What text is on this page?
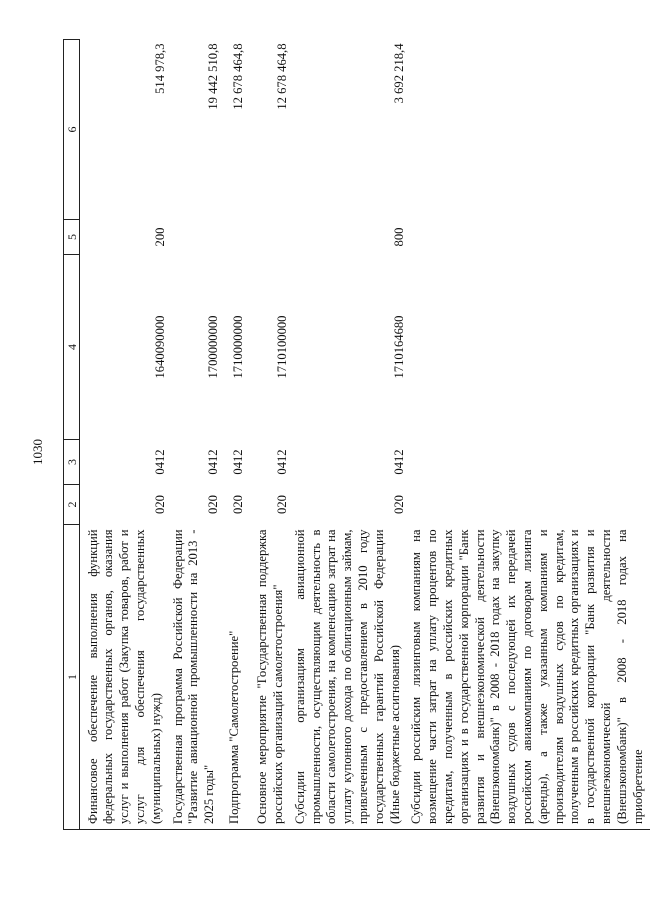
1030
1	2	3	4	5	6
Финансовое обеспечение выполнения функций федеральных государственных органов, оказания услуг и выполнения работ (Закупка товаров, работ и услуг для обеспечения государственных (муниципальных) нужд)	020	0412	1640090000	200	514 978,3
Государственная программа Российской Федерации "Развитие авиационной промышленности на 2013 - 2025 годы"	020	0412	1700000000		19 442 510,8
Подпрограмма "Самолетостроение"	020	0412	1710000000		12 678 464,8
Основное мероприятие "Государственная поддержка российских организаций самолетостроения"	020	0412	1710100000		12 678 464,8
Субсидии организациям авиационной промышленности, осуществляющим деятельность в области самолетостроения, на компенсацию затрат на уплату купонного дохода по облигационным займам, привлеченным с предоставлением в 2010 году государственных гарантий Российской Федерации (Иные бюджетные ассигнования)	020	0412	1710164680	800	3 692 218,4
Субсидии российским лизинговым компаниям на возмещение части затрат на уплату процентов по кредитам, полученным в российских кредитных организациях и в государственной корпорации "Банк развития и внешнеэкономической деятельности (Внешэкономбанк)" в 2008 - 2018 годах на закупку воздушных судов с последующей их передачей российским авиакомпаниям по договорам лизинга (аренды), а также указанным компаниям и производителям воздушных судов по кредитам, полученным в российских кредитных организациях и в государственной корпорации "Банк развития и внешнеэкономической деятельности (Внешэкономбанк)" в 2008 - 2018 годах на приобретение					
